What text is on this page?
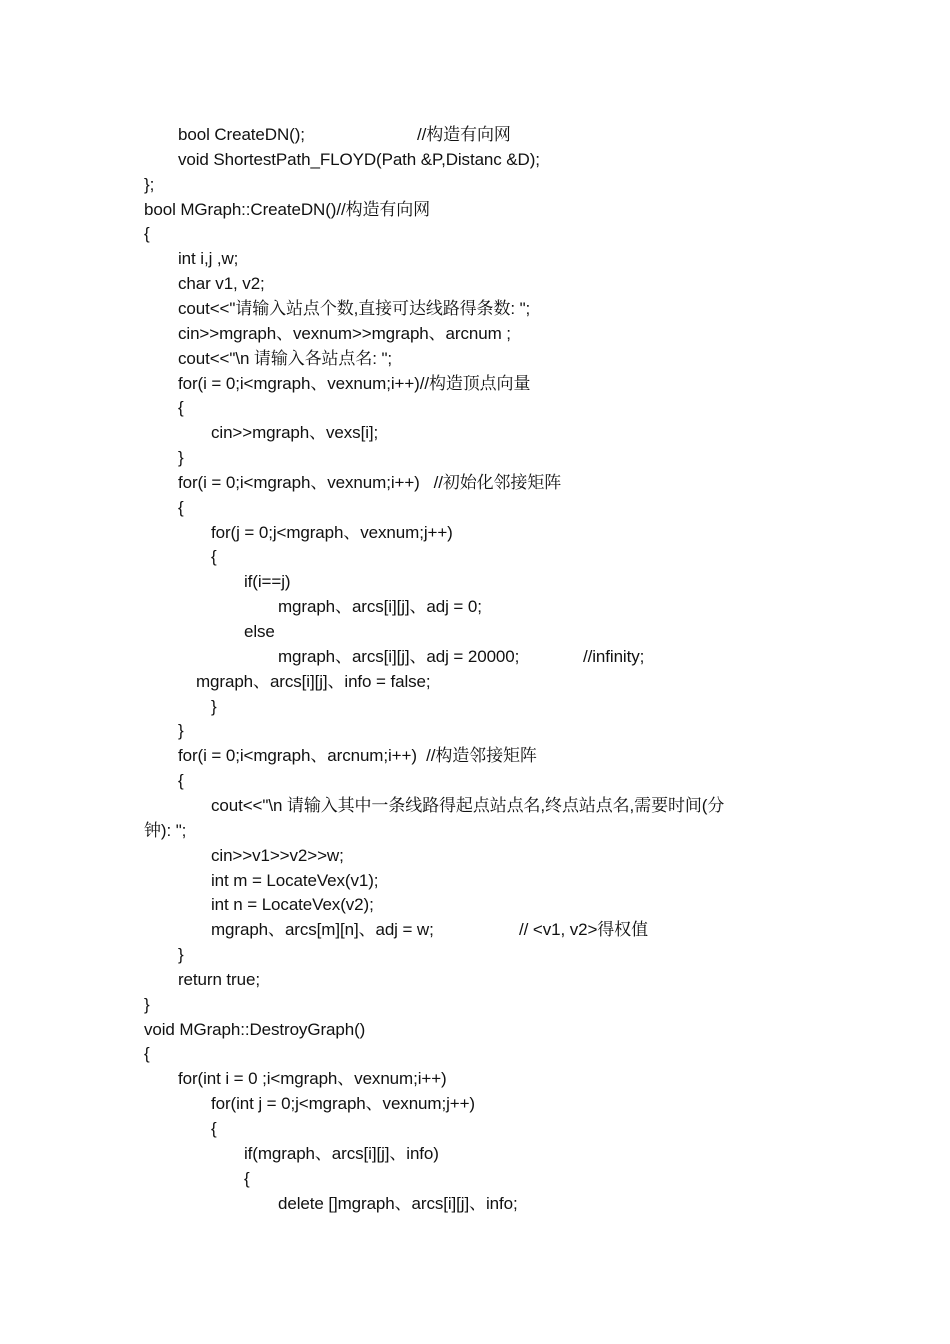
bool CreateDN();	//构造有向网
void ShortestPath_FLOYD(Path &P,Distanc &D);
};
bool MGraph::CreateDN()//构造有向网
{
int i,j ,w;
char v1, v2;
cout<<"请输入站点个数,直接可达线路得条数: ";
cin>>mgraph、vexnum>>mgraph、arcnum ;
cout<<"\n 请输入各站点名: ";
for(i = 0;i<mgraph、vexnum;i++)//构造顶点向量
{
cin>>mgraph、vexs[i];
}
for(i = 0;i<mgraph、vexnum;i++)   //初始化邻接矩阵
{
for(j = 0;j<mgraph、vexnum;j++)
{
if(i==j)
mgraph、arcs[i][j]、adj = 0;
else
mgraph、arcs[i][j]、adj = 20000;	//infinity;
mgraph、arcs[i][j]、info = false;
}
}
for(i = 0;i<mgraph、arcnum;i++)  //构造邻接矩阵
{
cout<<"\n 请输入其中一条线路得起点站点名,终点站点名,需要时间(分
钟): ";
cin>>v1>>v2>>w;
int m = LocateVex(v1);
int n = LocateVex(v2);
mgraph、arcs[m][n]、adj = w;	// <v1, v2>得权值
}
return true;
}
void MGraph::DestroyGraph()
{
for(int i = 0 ;i<mgraph、vexnum;i++)
for(int j = 0;j<mgraph、vexnum;j++)
{
if(mgraph、arcs[i][j]、info)
{
delete []mgraph、arcs[i][j]、info;
